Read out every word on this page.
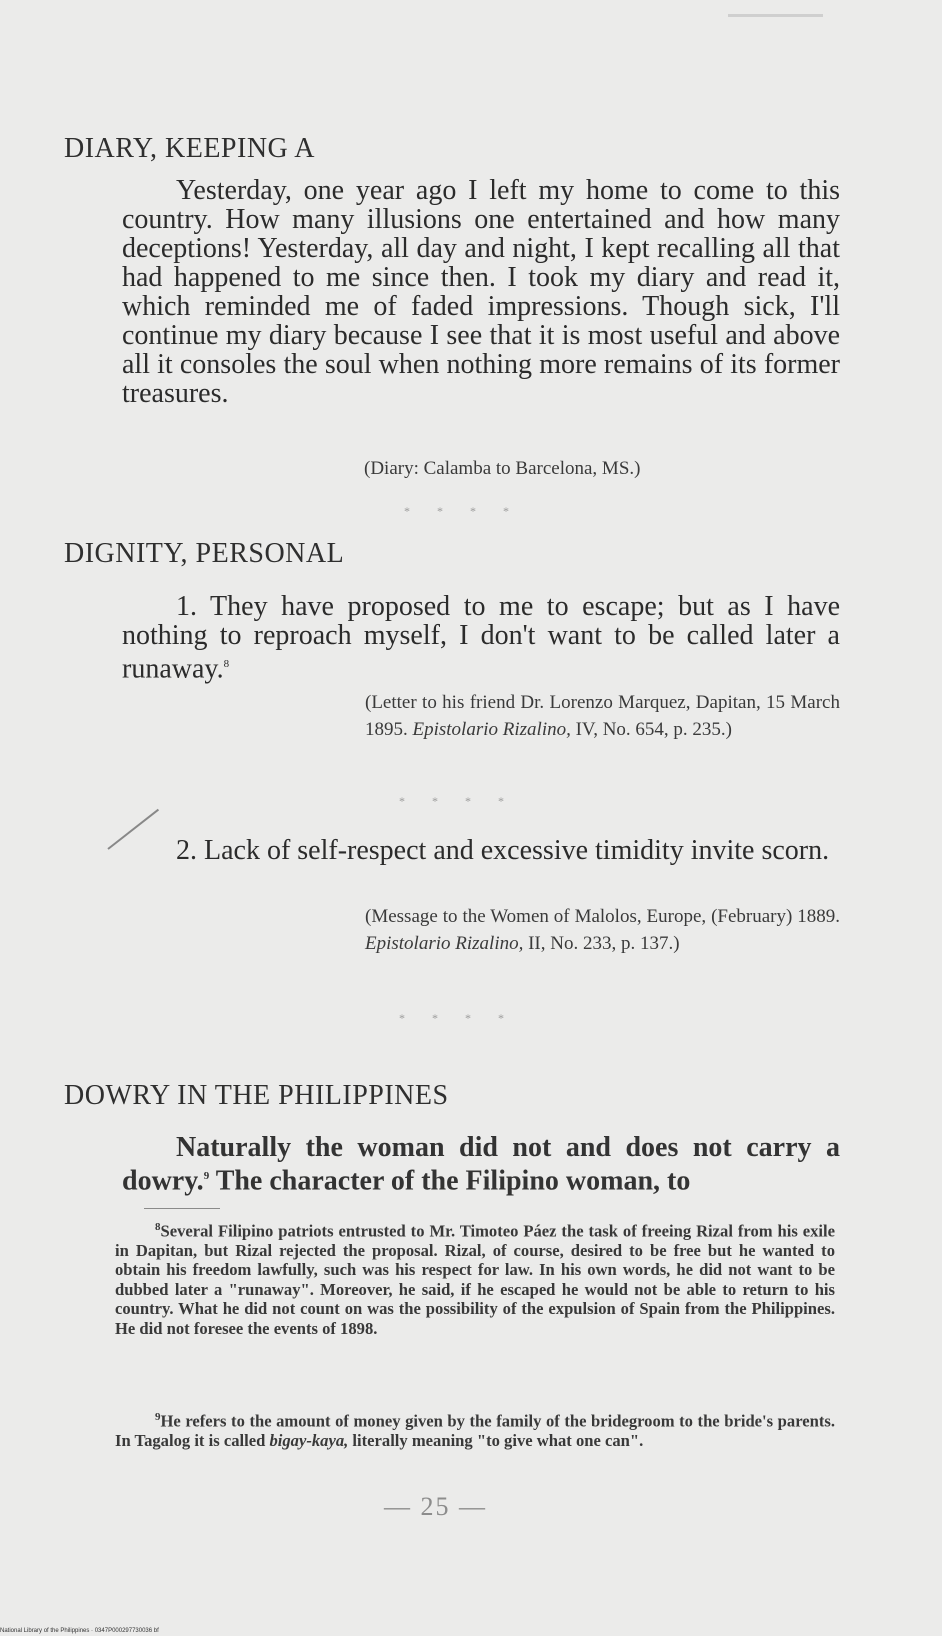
DIARY, KEEPING A
Yesterday, one year ago I left my home to come to this country. How many illusions one entertained and how many deceptions! Yesterday, all day and night, I kept recalling all that had happened to me since then. I took my diary and read it, which reminded me of faded impressions. Though sick, I'll continue my diary because I see that it is most useful and above all it consoles the soul when nothing more remains of its former treasures.
(Diary: Calamba to Barcelona, MS.)
* * * *
DIGNITY, PERSONAL
1. They have proposed to me to escape; but as I have nothing to reproach myself, I don't want to be called later a runaway.$^8$
(Letter to his friend Dr. Lorenzo Marquez, Dapitan, 15 March 1895. Epistolario Rizalino, IV, No. 654, p. 235.)
* * * *
2. Lack of self-respect and excessive timidity invite scorn.
(Message to the Women of Malolos, Europe, (February) 1889. Epistolario Rizalino, II, No. 233, p. 137.)
* * * *
DOWRY IN THE PHILIPPINES
Naturally the woman did not and does not carry a dowry.$^9$ The character of the Filipino woman, to
$^8$Several Filipino patriots entrusted to Mr. Timoteo Páez the task of freeing Rizal from his exile in Dapitan, but Rizal rejected the proposal. Rizal, of course, desired to be free but he wanted to obtain his freedom lawfully, such was his respect for law. In his own words, he did not want to be dubbed later a "runaway". Moreover, he said, if he escaped he would not be able to return to his country. What he did not count on was the possibility of the expulsion of Spain from the Philippines. He did not foresee the events of 1898.
$^9$He refers to the amount of money given by the family of the bridegroom to the bride's parents. In Tagalog it is called bigay-kaya, literally meaning "to give what one can".
— 25 —
National Library of the Philippines · 0347P000297730036 bf
